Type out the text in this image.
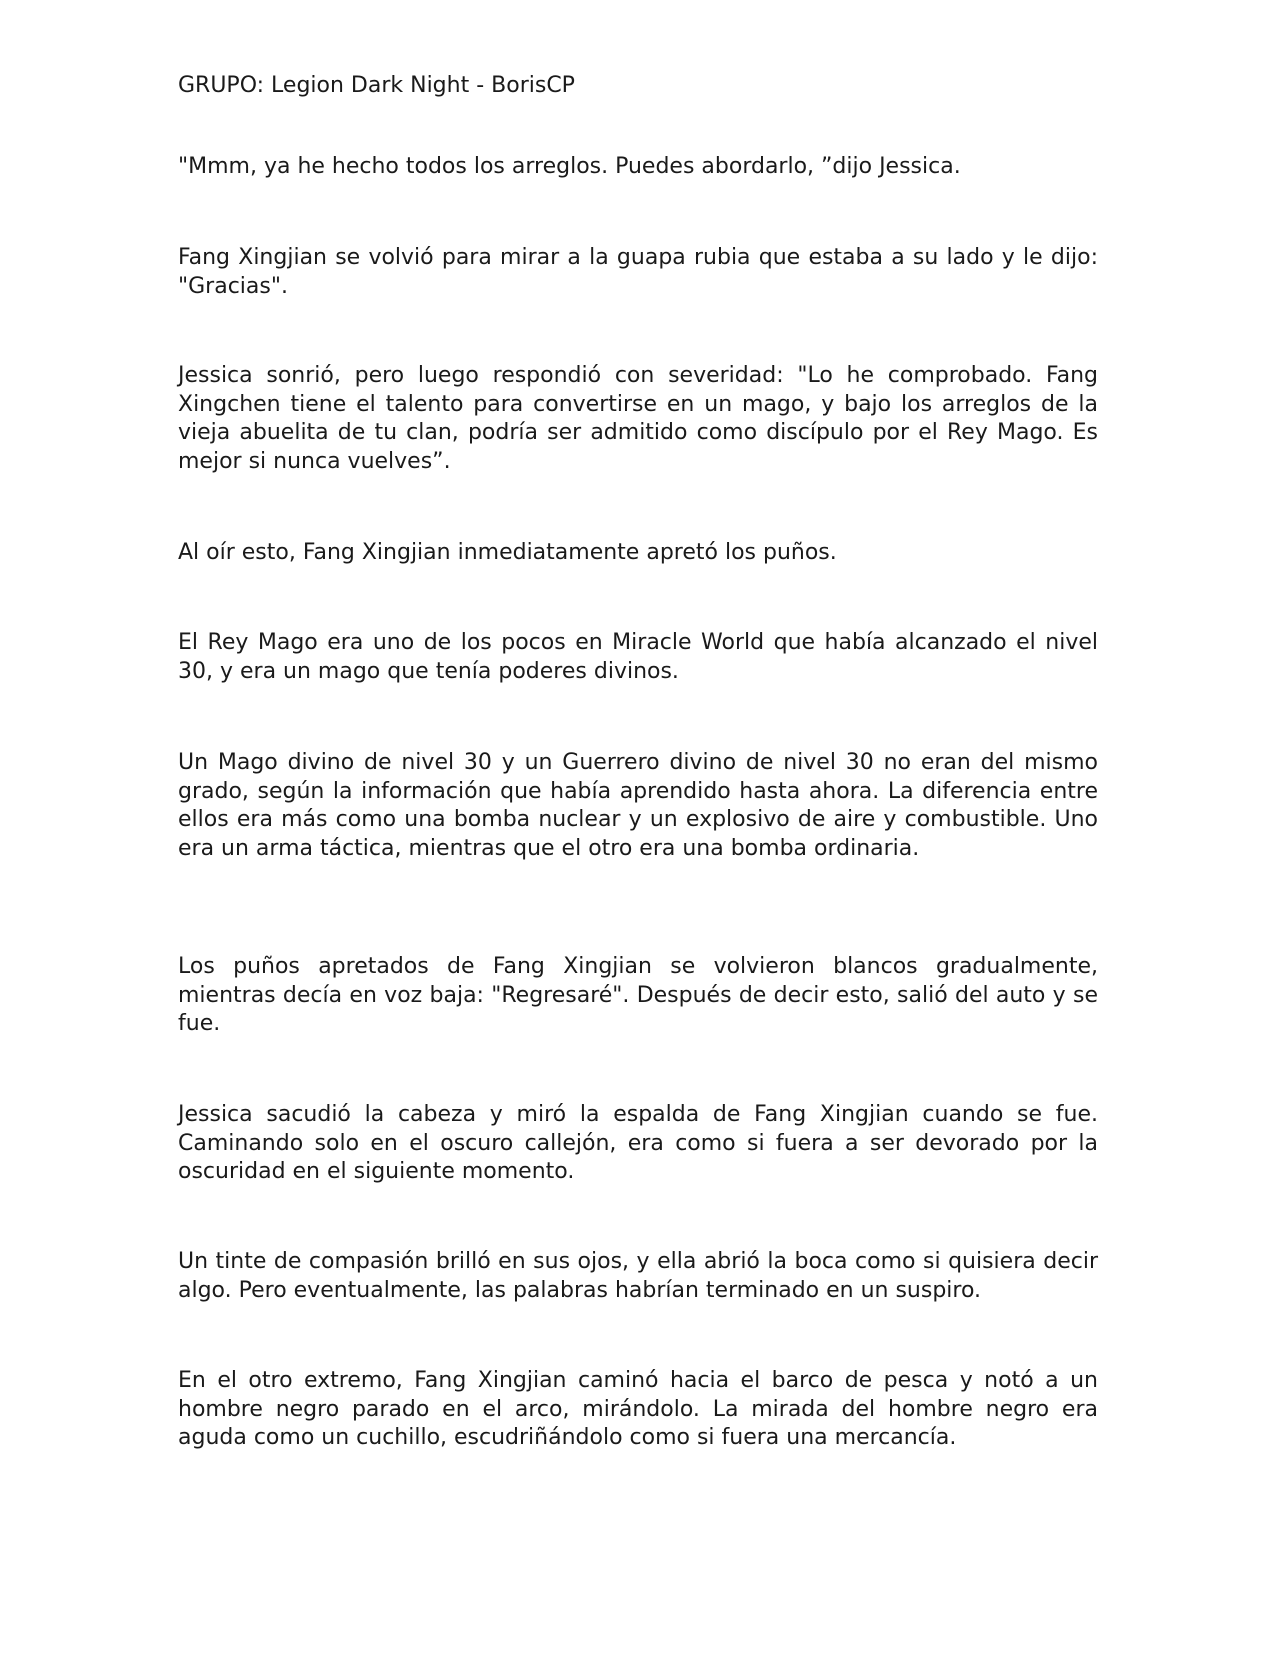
GRUPO: Legion Dark Night - BorisCP

"Mmm, ya he hecho todos los arreglos. Puedes abordarlo, ”dijo Jessica.

Fang Xingjian se volvió para mirar a la guapa rubia que estaba a su lado y le dijo: "Gracias".

Jessica sonrió, pero luego respondió con severidad: "Lo he comprobado. Fang Xingchen tiene el talento para convertirse en un mago, y bajo los arreglos de la vieja abuelita de tu clan, podría ser admitido como discípulo por el Rey Mago. Es mejor si nunca vuelves”.

Al oír esto, Fang Xingjian inmediatamente apretó los puños.

El Rey Mago era uno de los pocos en Miracle World que había alcanzado el nivel 30, y era un mago que tenía poderes divinos.

Un Mago divino de nivel 30 y un Guerrero divino de nivel 30 no eran del mismo grado, según la información que había aprendido hasta ahora. La diferencia entre ellos era más como una bomba nuclear y un explosivo de aire y combustible. Uno era un arma táctica, mientras que el otro era una bomba ordinaria.

Los puños apretados de Fang Xingjian se volvieron blancos gradualmente, mientras decía en voz baja: "Regresaré". Después de decir esto, salió del auto y se fue.

Jessica sacudió la cabeza y miró la espalda de Fang Xingjian cuando se fue. Caminando solo en el oscuro callejón, era como si fuera a ser devorado por la oscuridad en el siguiente momento.

Un tinte de compasión brilló en sus ojos, y ella abrió la boca como si quisiera decir algo. Pero eventualmente, las palabras habrían terminado en un suspiro.

En el otro extremo, Fang Xingjian caminó hacia el barco de pesca y notó a un hombre negro parado en el arco, mirándolo. La mirada del hombre negro era aguda como un cuchillo, escudriñándolo como si fuera una mercancía.
